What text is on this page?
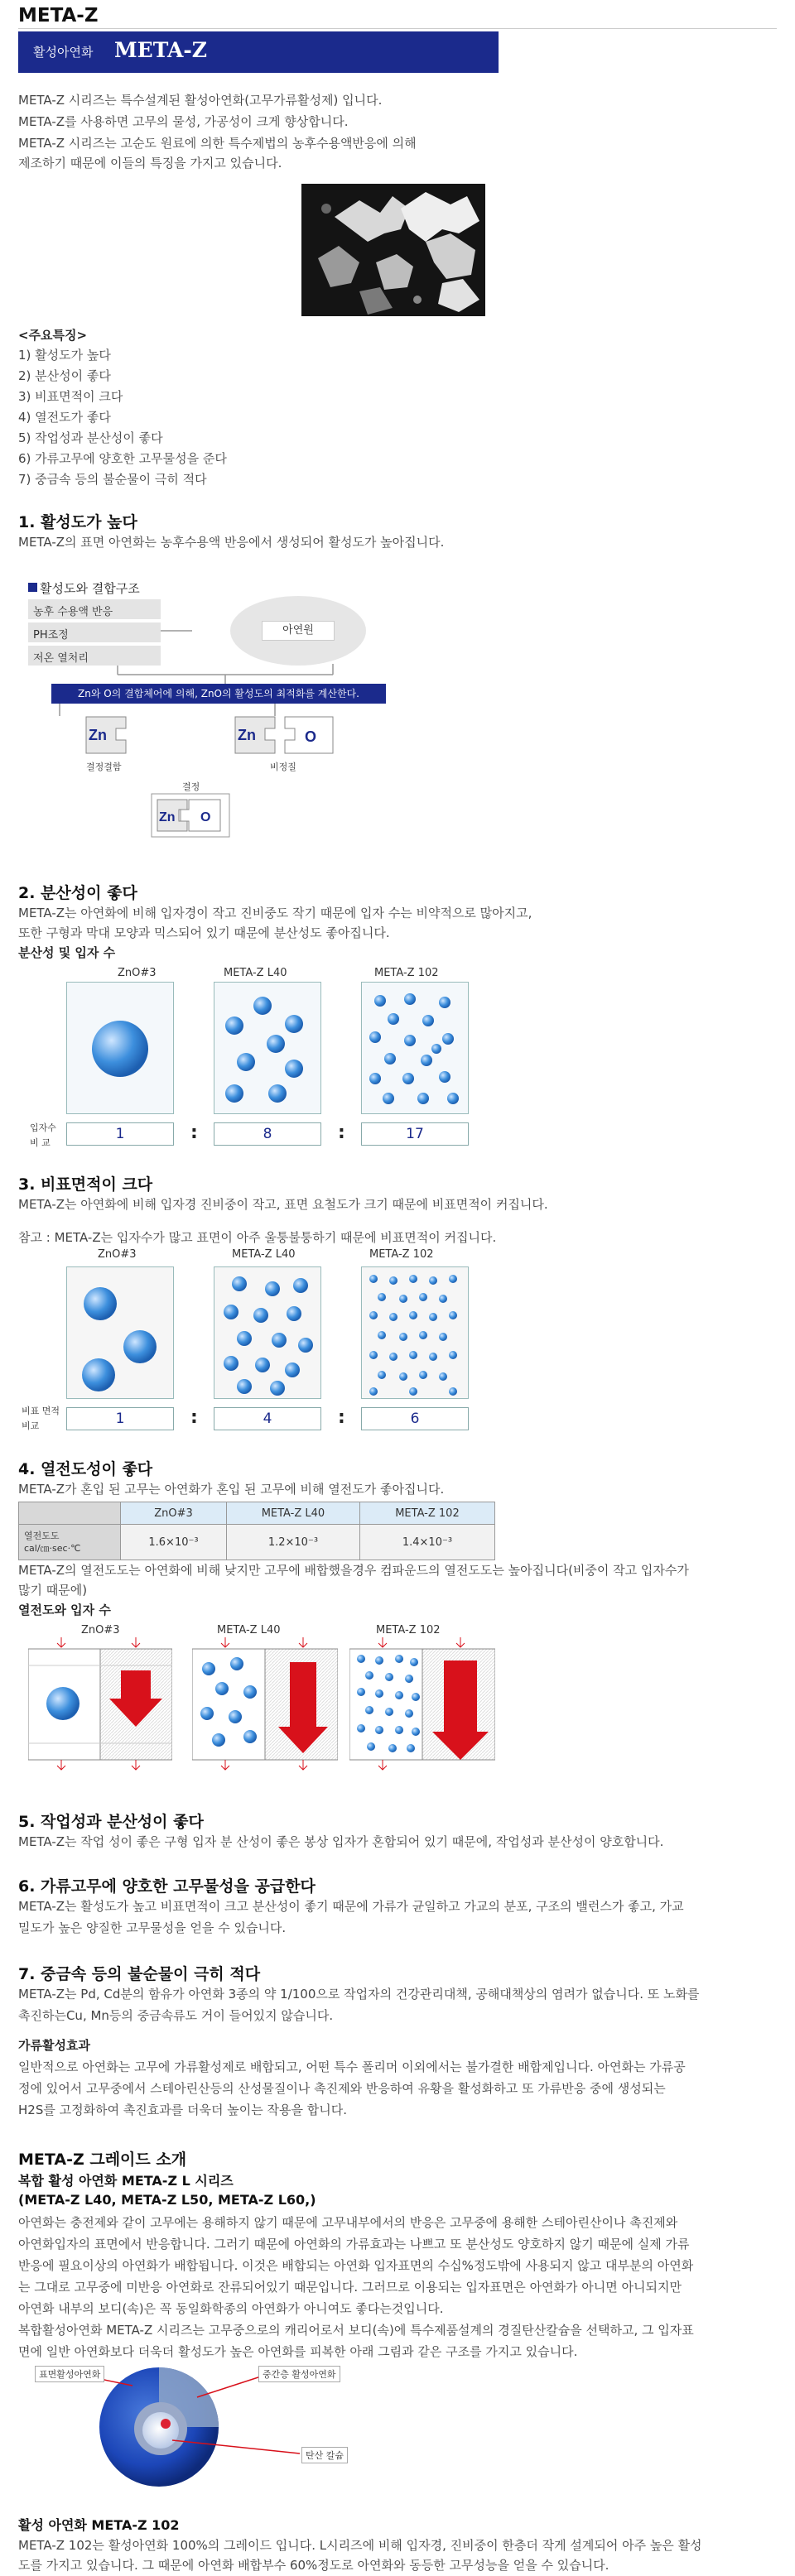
META-Z
활성아연화 META-Z
META-Z 시리즈는 특수설계된 활성아연화(고무가류활성제) 입니다.
META-Z를 사용하면 고무의 물성, 가공성이 크게 향상합니다.
META-Z 시리즈는 고순도 원료에 의한 특수제법의 농후수용액반응에 의해
제조하기 때문에 이들의 특징을 가지고 있습니다.
<주요특징>
1) 활성도가 높다
2) 분산성이 좋다
3) 비표면적이 크다
4) 열전도가 좋다
5) 작업성과 분산성이 좋다
6) 가류고무에 양호한 고무물성을 준다
7) 중금속 등의 불순물이 극히 적다
1. 활성도가 높다
META-Z의 표면 아연화는 농후수용액 반응에서 생성되어 활성도가 높아집니다.
활성도와 결합구조
농후 수용액 반응
PH조정
저온 열처리
아연원
Zn와 O의 결합체어에 의해, ZnO의 활성도의 최적화를 계산한다.
Zn
결정결함
Zn	O
비정질
결정
Zn O
2. 분산성이 좋다
META-Z는 아연화에 비해 입자경이 작고 진비중도 작기 때문에 입자 수는 비약적으로 많아지고,
또한 구형과 막대 모양과 믹스되어 있기 때문에 분산성도 좋아집니다.
분산성 및 입자 수
ZnO#3	META-Z L40	META-Z 102
입자수
비 교
1	:	8	:	17
3. 비표면적이 크다
META-Z는 아연화에 비해 입자경 진비중이 작고, 표면 요철도가 크기 때문에 비표면적이 커집니다.
참고 : META-Z는 입자수가 많고 표면이 아주 울퉁불퉁하기 때문에 비표면적이 커집니다.
ZnO#3	META-Z L40	META-Z 102
비표 면적
비교	1	:	4	:	6
4. 열전도성이 좋다
META-Z가 혼입 된 고무는 아연화가 혼입 된 고무에 비해 열전도가 좋아집니다.
	ZnO#3	META-Z L40	META-Z 102

열전도도
cal/㎝·sec·℃	1.6×10⁻³	1.2×10⁻³	1.4×10⁻³
META-Z의 열전도도는 아연화에 비해 낮지만 고무에 배합했을경우 컴파운드의 열전도도는 높아집니다(비중이 작고 입자수가
많기 때문에)
열전도와 입자 수
ZnO#3	META-Z L40	META-Z 102
5. 작업성과 분산성이 좋다
META-Z는 작업 성이 좋은 구형 입자 분 산성이 좋은 봉상 입자가 혼합되어 있기 때문에, 작업성과 분산성이 양호합니다.
6. 가류고무에 양호한 고무물성을 공급한다
META-Z는 활성도가 높고 비표면적이 크고 분산성이 좋기 때문에 가류가 균일하고 가교의 분포, 구조의 밸런스가 좋고, 가교
밀도가 높은 양질한 고무물성을 얻을 수 있습니다.
7. 중금속 등의 불순물이 극히 적다
META-Z는 Pd, Cd분의 함유가 아연화 3종의 약 1/100으로 작업자의 건강관리대책, 공해대책상의 염려가 없습니다. 또 노화를
촉진하는Cu, Mn등의 중금속류도 거이 들어있지 않습니다.
가류활성효과
일반적으로 아연화는 고무에 가류활성제로 배합되고, 어떤 특수 폴리머 이외에서는 불가결한 배합제입니다. 아연화는 가류공
정에 있어서 고무중에서 스테아린산등의 산성물질이나 촉진제와 반응하여 유황을 활성화하고 또 가류반응 중에 생성되는
H2S를 고정화하여 촉진효과를 더욱더 높이는 작용을 합니다.
META-Z 그레이드 소개
복합 활성 아연화 META-Z L 시리즈
(META-Z L40, META-Z L50, META-Z L60,)
아연화는 충전제와 같이 고무에는 용해하지 않기 때문에 고무내부에서의 반응은 고무중에 용해한 스테아린산이나 촉진제와
아연화입자의 표면에서 반응합니다. 그러기 때문에 아연화의 가류효과는 나쁘고 또 분산성도 양호하지 않기 때문에 실제 가류
반응에 필요이상의 아연화가 배합됩니다. 이것은 배합되는 아연화 입자표면의 수십%정도밖에 사용되지 않고 대부분의 아연화
는 그대로 고무중에 미반응 아연화로 잔류되어있기 때문입니다. 그러므로 이용되는 입자표면은 아연화가 아니면 아니되지만
아연화 내부의 보디(속)은 꼭 동일화학종의 아연화가 아니여도 좋다는것입니다.
복합활성아연화 META-Z 시리즈는 고무중으로의 캐리어로서 보디(속)에 특수제품설계의 경질탄산칼슘을 선택하고, 그 입자표
면에 일반 아연화보다 더욱더 활성도가 높은 아연화를 피복한 아래 그림과 같은 구조를 가지고 있습니다.
표면활성아연화	중간층 활성아연화
탄산 칼슘
활성 아연화 META-Z 102
META-Z 102는 활성아연화 100%의 그레이드 입니다. L시리즈에 비해 입자경, 진비중이 한층더 작게 설계되어 아주 높은 활성
도를 가지고 있습니다. 그 때문에 아연화 배합부수 60%정도로 아연화와 동등한 고무성능을 얻을 수 있습니다.
